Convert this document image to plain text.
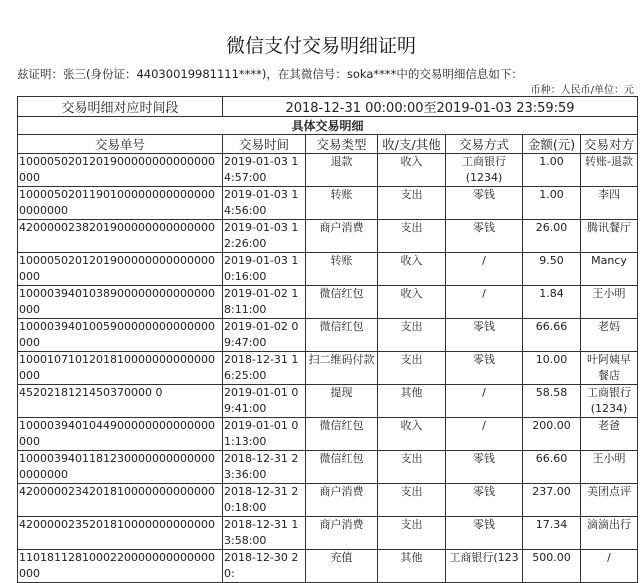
微信支付交易明细证明
兹证明：张三(身份证：44030019981111****)，在其微信号：soka****中的交易明细信息如下：
币种：人民币/单位：元
交易明细对应时间段	2018-12-31 00:00:00至2019-01-03 23:59:59					
具体交易明细						
交易单号	交易时间	交易类型	收/支/其他	交易方式	金额(元)	交易对方
1000050201201900000000000000000	2019-01-03 14:57:00	退款	收入	工商银行(1234)	1.00	转账-退款
10000502011901000000000000000000000	2019-01-03 14:56:00	转账	支出	零钱	1.00	李四
4200000238201900000000000000	2019-01-03 12:26:00	商户消费	支出	零钱	26.00	腾讯餐厅
1000050201201900000000000000000	2019-01-03 10:16:00	转账	收入	/	9.50	Mancy
1000039401038900000000000000000	2019-01-02 18:11:00	微信红包	收入	/	1.84	王小明
1000039401005900000000000000000	2019-01-02 09:47:00	微信红包	支出	零钱	66.66	老妈
1000107101201810000000000000000	2018-12-31 16:25:00	扫二维码付款	支出	零钱	10.00	叶阿姨早餐店
4520218121450370000 0	2019-01-01 09:41:00	提现	其他	/	58.58	工商银行(1234)
1000039401044900000000000000000	2019-01-01 01:13:00	微信红包	收入	/	200.00	老爸
10000394011812300000000000000000000	2018-12-31 23:36:00	微信红包	支出	零钱	66.60	王小明
4200000234201810000000000000	2018-12-31 20:18:00	商户消费	支出	零钱	237.00	美团点评
4200000235201810000000000000	2018-12-31 13:58:00	商户消费	支出	零钱	17.34	滴滴出行
1101811281000220000000000000000	2018-12-30 20:	充值	其他	工商银行(123	500.00	/
